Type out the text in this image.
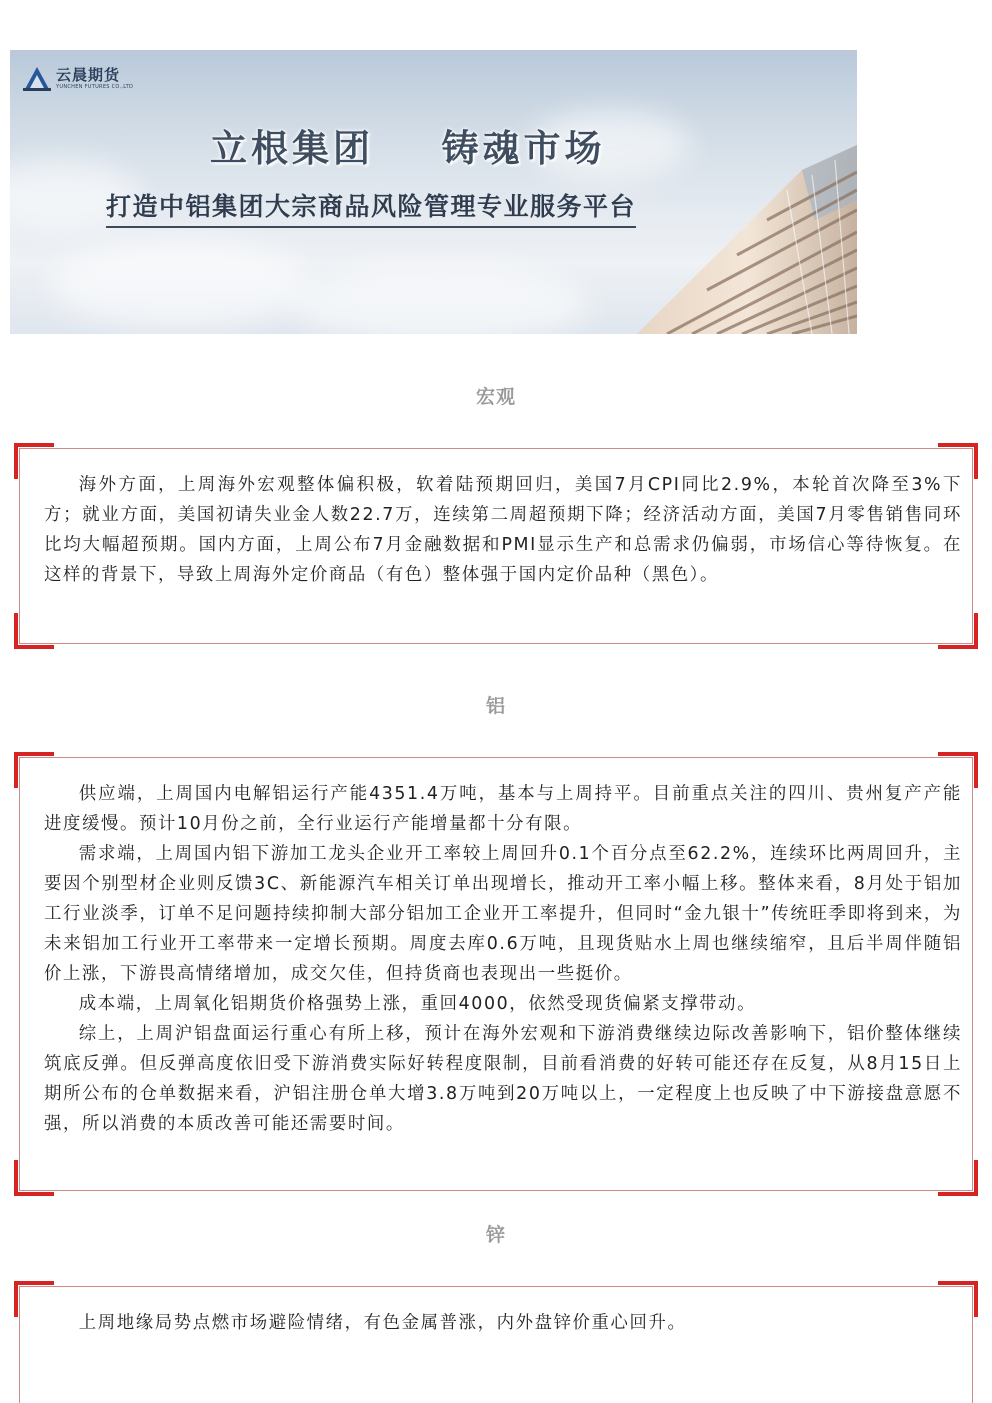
云晨期货
YUNCHEN FUTURES CO.,LTD
立根集团    铸魂市场
打造中铝集团大宗商品风险管理专业服务平台
宏观

海外方面，上周海外宏观整体偏积极，软着陆预期回归，美国7月CPI同比2.9%，本轮首次降至3%下方；就业方面，美国初请失业金人数22.7万，连续第二周超预期下降；经济活动方面，美国7月零售销售同环比均大幅超预期。国内方面，上周公布7月金融数据和PMI显示生产和总需求仍偏弱，市场信心等待恢复。在这样的背景下，导致上周海外定价商品（有色）整体强于国内定价品种（黑色）。

铝

供应端，上周国内电解铝运行产能4351.4万吨，基本与上周持平。目前重点关注的四川、贵州复产产能进度缓慢。预计10月份之前，全行业运行产能增量都十分有限。

需求端，上周国内铝下游加工龙头企业开工率较上周回升0.1个百分点至62.2%，连续环比两周回升，主要因个别型材企业则反馈3C、新能源汽车相关订单出现增长，推动开工率小幅上移。整体来看，8月处于铝加工行业淡季，订单不足问题持续抑制大部分铝加工企业开工率提升，但同时“金九银十”传统旺季即将到来，为未来铝加工行业开工率带来一定增长预期。周度去库0.6万吨，且现货贴水上周也继续缩窄，且后半周伴随铝价上涨，下游畏高情绪增加，成交欠佳，但持货商也表现出一些挺价。

成本端，上周氧化铝期货价格强势上涨，重回4000，依然受现货偏紧支撑带动。

综上，上周沪铝盘面运行重心有所上移，预计在海外宏观和下游消费继续边际改善影响下，铝价整体继续筑底反弹。但反弹高度依旧受下游消费实际好转程度限制，目前看消费的好转可能还存在反复，从8月15日上期所公布的仓单数据来看，沪铝注册仓单大增3.8万吨到20万吨以上，一定程度上也反映了中下游接盘意愿不强，所以消费的本质改善可能还需要时间。

锌

上周地缘局势点燃市场避险情绪，有色金属普涨，内外盘锌价重心回升。
